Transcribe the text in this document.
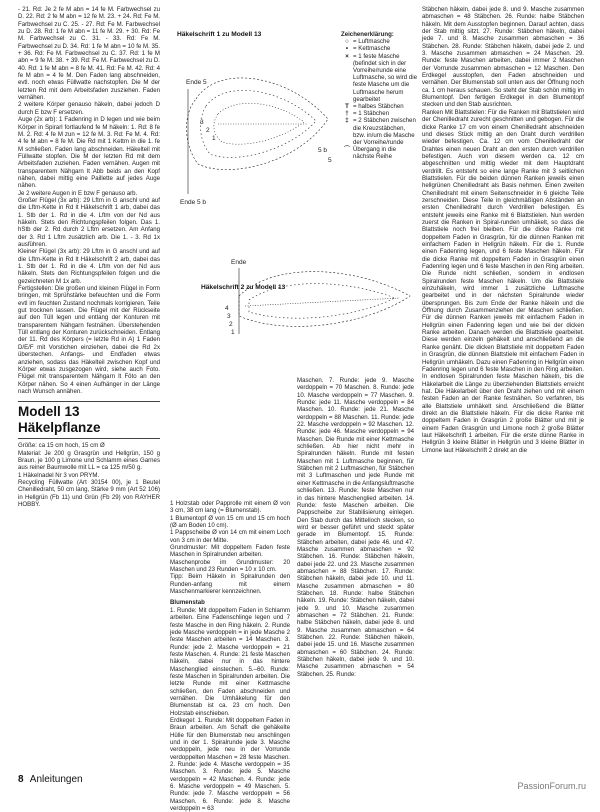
- 21. Rd: Je 2 fe M abn = 14 fe M. Farbwechsel zu D. 22. Rd: 2 fe M abn = 12 fe M. 23. + 24. Rd: Fe M. Farbwechsel zu C. 25. - 27. Rd: Fe M. Farbwechsel zu D. 28. Rd: 1 fe M abn = 11 fe M. 29. + 30. Rd: Fe M. Farbwechsel zu C. 31. - 33. Rd: Fe M. Farbwechsel zu D. 34. Rd: 1 fe M abn = 10 fe M. 35. + 36. Rd: Fe M. Farbwechsel zu C. 37. Rd: 1 fe M abn = 9 fe M. 38. + 39. Rd: Fe M. Farbwechsel zu D. 40. Rd: 1 fe M abn = 8 fe M. 41. Rd: Fe M. 42. Rd: 4 fe M abn = 4 fe M. Den Faden lang abschneiden, evtl. noch etwas Füllwatte nachstopfen. Die M der letzten Rd mit dem Arbeitsfaden zusziehen. Faden vernähen.

2 weitere Körper genauso häkeln, dabei jedoch D durch E bzw F ersetzen.

Auge (2x arb): 1 Fadenring in D legen und wie beim Körper in Spirarl fortlaufend fe M häkeln: 1. Rd: 8 fe M. 2. Rd: 4 fe M zun = 12 fe M. 3. Rd: Fe M. 4. Rd: 4 fe M abn = 8 fe M. Die Rd mit 1 Kettm in die 1. fe M schließen. Faden lang abschneiden. Häkelteil mit Füllwatte stopfen. Die M der letzten Rd mit dem Arbeitsfaden zuziehen. Faden vernähen. Augen mit transparentem Nähgarn lt Abb beids an den Kopf nähen, dabei mittig eine Paillette auf jedes Auge nähen.

Je 2 weitere Augen in E bzw F genauso arb.

Großer Flügel (3x arb): 29 Lftm in G anschl und auf die Lftm-Kette in Rd lt Häkelschrift 1 arb, dabei das 1. Stb der 1. Rd in die 4. Lftm von der Nd aus häkeln. Stets den Richtungspfeilen folgen. Das 1. hStb der 2. Rd durch 2 Lftm ersetzen. Am Anfang der 3. Rd 1 Lftm zusätzlich arb. Die 1. - 3. Rd 1x ausführen.

Kleiner Flügel (3x arb): 29 Lftm in G anschl und auf die Lftm-Kette in Rd lt Häkelschrift 2 arb, dabei das 1. Stb der 1. Rd in die 4. Lftm von der Nd aus häkeln. Stets den Richtungspfeilen folgen und die gezeichneten M 1x arb.

Fertigstellen: Die großen und kleinen Flügel in Form bringen, mit Sprühstärke befeuchten und die Form evtl im feuchten Zustand nochmals korrigieren. Teile gut trocknen lassen. Die Flügel mit der Rückseite auf den Tüll legen und entlang der Konturen mit transparentem Nähgarn festnähen. Überstehenden Tüll entlang der Konturen zurückschneiden. Entlang der 11. Rd des Körpers (= letzte Rd in A) 1 Faden D/E/F mit Vorstichen einziehen, dabei die Rd 2x überstechen. Anfangs- und Endfaden etwas anziehen, sodass das Häkelteil zwischen Kopf und Körper etwas zusgezogen wird, siehe auch Foto. Flügel mit transparentem Nähgarn lt Föto an den Körper nähen. So 4 einen Aufhänger in der Länge nach Wunsch annähen.

Modell 13
Häkelpflanze

Größe: ca 15 cm hoch, 15 cm Ø

Material: Je 200 g Grasgrün und Hellgrün, 150 g Braun, je 100 g Limone und Schlamm eines Garnes aus reiner Baumwolle mit LL = ca 125 m/50 g.

1 Häkelnadel Nr 3 von PRYM.

Recycling Füllwatte (Art 30154 00), je 1 Beutel Chenilledraht, 50 cm lang, Stärke 9 mm (Art 52 106) in Hellgrün (Fb 11) und Grün (Fb 29) von RAYHER HOBBY.

Häkelschrift 1 zu Modell 13
Ende 5
Ende 5 b
3
2
1
5 b
5
Zeichenerklärung:
○ = Luftmasche
• = Kettmasche
× = 1 feste Masche (befindet sich in der Vorreihe/runde eine Luftmasche, so wird die feste Masche um die Luftmasche herum gearbeitet
T = halbes Stäbchen
† = 1 Stäbchen
‡ = 2 Stäbchen zwischen die Kreuzstäbchen, bzw. in/um die Masche der Vorreihe/runde
⌒ Übergang in die nächste Reihe
Häkelschrift 2 zu Modell 13
Ende
4
3
2
1

1 Holzstab oder Papprolle mit einem Ø von 3 cm, 38 cm lang (= Blumenstab).

1 Blumentopf Ø von 15 cm und 15 cm hoch (Ø am Boden 10 cm).

1 Pappscheibe Ø von 14 cm mit einem Loch von 3 cm in der Mitte.

Grundmuster: Mit doppeltem Faden feste Maschen in Spiralrunden arbeiten.

Maschenprobe im Grundmuster: 20 Maschen und 23 Runden = 10 x 10 cm.

Tipp: Beim Häkeln in Spiralrunden den Runden-anfang mit einem Maschenmarkierer kennzeichnen.

Blumenstab

1. Runde: Mit doppeltem Faden in Schlamm arbeiten. Eine Fadenschlinge legen und 7 feste Masche in den Ring häkeln. 2. Runde jede Masche verdoppeln = in jede Masche 2 feste Maschen arbeiten = 14 Maschen. 3. Runde: jede 2. Masche verdoppeln = 21 feste Maschen. 4. Runde: 21 feste Maschen häkeln, dabei nur in das hintere Maschenglied einstechen. 5.–60. Runde: feste Maschen in Spiralrunden arbeiten. Die letzte Runde mit einer Kettmasche schließen, den Faden abschneiden und vernähen. Die Umhäkelung für den Blumenstab ist ca. 23 cm hoch. Den Holzstab einschieben.

Erdkegel: 1. Runde: Mit doppeltem Faden in Braun arbeiten. Am Schaft die gehäkelte Hülle für den Blumenstab neu anschlingen und in der 1. Spiralrunde jede 3. Masche verdoppeln, jede neu in der Vorrunde verdoppelten Maschen = 28 feste Maschen. 2. Runde: jede 4. Masche verdoppeln = 35 Maschen. 3. Runde: jede 5. Masche verdoppeln = 42 Maschen. 4. Runde: jede 6. Masche verdoppeln = 49 Maschen. 5. Runde: jede 7. Masche verdoppeln = 56 Maschen. 6. Runde: jede 8. Masche verdoppeln = 63

Maschen. 7. Runde: jede 9. Masche verdoppeln = 70 Maschen. 8. Runde: jede 10. Masche verdoppeln = 77 Maschen. 9. Runde: jede 11. Masche verdoppeln = 84 Maschen. 10. Runde: jede 21. Masche verdoppeln = 88 Maschen. 11. Runde: jede 22. Masche verdoppeln = 92 Maschen. 12. Runde: jede 46. Masche verdoppeln = 94 Maschen. Die Runde mit einer Kettmasche schließen. Ab hier nicht mehr in Spiralrunden häkeln. Runde mit festen Maschen mit 1 Luftmasche beginnen, für Stäbchen mit 2 Luftmaschen, für Stäbchen mit 3 Luftmaschen und jede Runde mit einer Kettmasche in die Anfangsluftmasche schließen. 13. Runde: feste Maschen nur in das hintere Maschenglied arbeiten. 14. Runde: feste Maschen arbeiten. Die Pappscheibe zur Stabilisierung einlegen. Den Stab durch das Mittelloch stecken, so wird er besser geführt und steckt später gerade im Blumentopf. 15. Runde: Stäbchen arbeiten, dabei jede 46. und 47. Masche zusammen abmaschen = 92 Stäbchen. 16. Runde: Stäbchen häkeln, dabei jede 22. und 23. Masche zusammen abmaschen = 88 Stäbchen. 17. Runde: Stäbchen häkeln, dabei jede 10. und 11. Masche zusammen abmaschen = 80 Stäbchen. 18. Runde: halbe Stäbchen häkeln. 19. Runde: Stäbchen häkeln, dabei jede 9. und 10. Masche zusammen abmaschen = 72 Stäbchen. 21. Runde: halbe Stäbchen häkeln, dabei jede 8. und 9. Masche zusammen abmaschen = 64 Stäbchen. 22. Runde: Stäbchen häkeln, dabei jede 15. und 16. Masche zusammen abmaschen = 60 Stäbchen. 24. Runde: Stäbchen häkeln, dabei jede 9. und 10. Masche zusammen abmaschen = 54 Stäbchen. 25. Runde:

Stäbchen häkeln, dabei jede 8. und 9. Masche zusammen abmaschen = 48 Stäbchen. 26. Runde: halbe Stäbchen häkeln. Mit dem Ausstopfen beginnen. Darauf achten, dass der Stab mittig sitzt. 27. Runde: Stäbchen häkeln, dabei jede 7. und 8. Masche zusammen abmaschen = 36 Stäbchen. 28. Runde: Stäbchen häkeln, dabei jede 2. und 3. Masche zusammen abmaschen = 24 Maschen. 29. Runde: feste Maschen arbeiten, dabei immer 2 Maschen der Vorrunde zusammen abmaschen = 12 Maschen. Den Erdkegel ausstopfen, den Faden abschneiden und vernähen. Der Blumenstab soll unten aus der Öffnung noch ca. 1 cm heraus schauen. So steht der Stab schön mittig im Blumentopf. Den fertigen Erdkegel in den Blumentopf stecken und den Stab ausrichten.

Ranken Mit Blattstielen: Für die Ranken mit Blattstielen wird der Chenilledraht zurecht geschnitten und gebogen. Für die dicke Ranke 17 cm von einem Chenilledraht abschneiden und dieses Stück mittig an den Draht durch verdrillen wieder befestigen. Ca. 12 cm vom Chenilledraht der Drahtes einen neuen Draht an den ersten durch verdrillen befestigen. Auch von diesem werden ca. 12 cm abgeschnitten und mittig wieder mit dem Hauptdraht verdrillt. Es entsteht so eine lange Ranke mit 3 seitlichen Blattstielen. Für die beiden dünnen Ranken jeweils einen hellgrünen Chenilledraht als Basis nehmen. Einen zweiten Chenilledraht mit einem Seitenschneider in 6 gleiche Teile zerschneiden. Diese Teile in gleichmäßigen Abständen an ersten Chenilledraht durch Verdrillen befestigen. Es entsteht jeweils eine Ranke mit 6 Blattstielen. Nun werden zuerst die Ranken in Spiral-runden umhäkelt, so dass die Blattstiele noch frei bleiben. Für die dicke Ranke mit doppeltem Faden in Grasgrün, für die dünnen Ranken mit einfachem Faden in Hellgrün häkeln. Für die 1. Runde einen Fadenring legen, und 6 feste Maschen häkeln. Für die dicke Ranke mit doppeltem Faden in Grasgrün einen Fadenring legen und 6 feste Maschen in den Ring arbeiten. Die Runde nicht schließen, sondern in endlosen Spiralrunden feste Maschen häkeln. Um die Blattstiele einzuhäkeln, wird immer 1 zusätzliche Luftmasche gearbeitet und in der nächsten Spiralrunde wieder übersprungen. Bis zum Ende der Ranke häkeln und die Öffnung durch Zusammenziehen der Maschen schließen. Für die dünnen Ranken jeweils mit einfachem Faden in Hellgrün einen Fadenring legen und wie bei der dicken Ranke arbeiten. Danach werden die Blattstiele gearbeitet. Diese werden einzeln gehäkelt und anschließend an die Ranke genäht. Die dicken Blattstiele mit doppeltem Faden in Grasgrün, die dünnen Blattstiele mit einfachem Faden in Hellgrün umhäkeln. Dazu einen Fadenring in Hellgrün einen Fadenring legen und 6 feste Maschen in den Ring arbeiten. In endlosen Spiralrunden feste Maschen häkeln, bis die Häkelarbeit die Länge zu überziehenden Blattstiels erreicht hat. Die Häkelarbeit über den Draht ziehen und mit einem festen Faden an der Ranke festnähen. So verfahren, bis alle Blattstiele umhäkelt sind. Anschließend die Blätter direkt an die Blattstiele häkeln. Für die dicke Ranke mit doppeltem Faden in Grasgrün 2 große Blätter und mit je einem Faden Grasgrün und Limone noch 2 große Blätter laut Häkelschrift 1 arbeiten. Für die erste dünne Ranke in Hellgrün 3 kleine Blätter in Hellgrün und 3 kleine Blätter in Limone laut Häkelschrift 2 direkt an die

8 Anleitungen
PassionForum.ru
